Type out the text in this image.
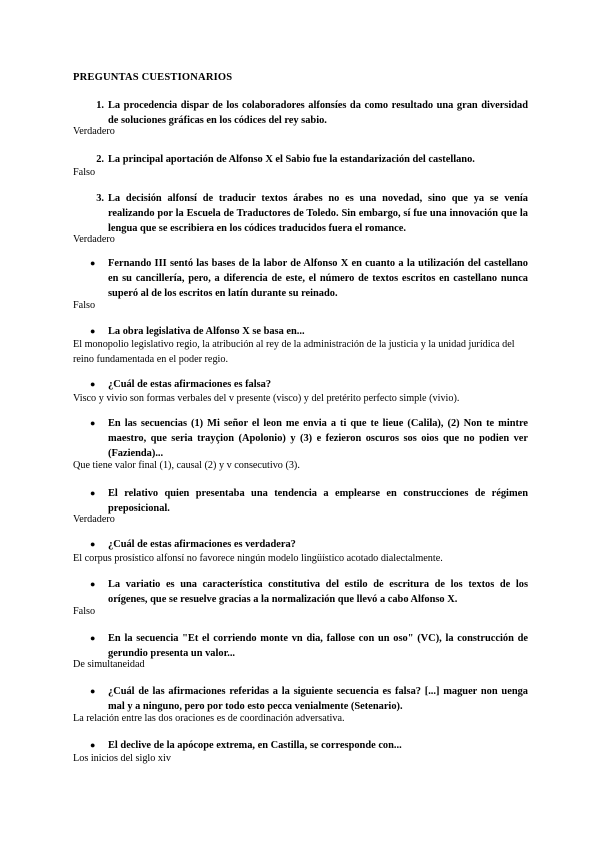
PREGUNTAS CUESTIONARIOS
1. La procedencia dispar de los colaboradores alfonsíes da como resultado una gran diversidad de soluciones gráficas en los códices del rey sabio.
Verdadero
2. La principal aportación de Alfonso X el Sabio fue la estandarización del castellano.
Falso
3. La decisión alfonsí de traducir textos árabes no es una novedad, sino que ya se venía realizando por la Escuela de Traductores de Toledo. Sin embargo, sí fue una innovación que la lengua que se escribiera en los códices traducidos fuera el romance.
Verdadero
● Fernando III sentó las bases de la labor de Alfonso X en cuanto a la utilización del castellano en su cancillería, pero, a diferencia de este, el número de textos escritos en castellano nunca superó al de los escritos en latín durante su reinado.
Falso
● La obra legislativa de Alfonso X se basa en...
El monopolio legislativo regio, la atribución al rey de la administración de la justicia y la unidad jurídica del reino fundamentada en el poder regio.
● ¿Cuál de estas afirmaciones es falsa?
Visco y vivio son formas verbales del v presente (visco) y del pretérito perfecto simple (vivio).
● En las secuencias (1) Mi señor el leon me envia a ti que te lieue (Calila), (2) Non te mintre maestro, que seria trayçion (Apolonio) y (3) e fezieron oscuros sos oios que no podien ver (Fazienda)...
Que tiene valor final (1), causal (2) y v consecutivo (3).
● El relativo quien presentaba una tendencia a emplearse en construcciones de régimen preposicional.
Verdadero
● ¿Cuál de estas afirmaciones es verdadera?
El corpus prosístico alfonsí no favorece ningún modelo lingüístico acotado dialectalmente.
● La variatio es una característica constitutiva del estilo de escritura de los textos de los orígenes, que se resuelve gracias a la normalización que llevó a cabo Alfonso X.
Falso
● En la secuencia "Et el corriendo monte vn dia, fallose con un oso" (VC), la construcción de gerundio presenta un valor...
De simultaneidad
● ¿Cuál de las afirmaciones referidas a la siguiente secuencia es falsa? [...] maguer non uenga mal y a ninguno, pero por todo esto pecca venialmente (Setenario).
La relación entre las dos oraciones es de coordinación adversativa.
● El declive de la apócope extrema, en Castilla, se corresponde con...
Los inicios del siglo xiv
